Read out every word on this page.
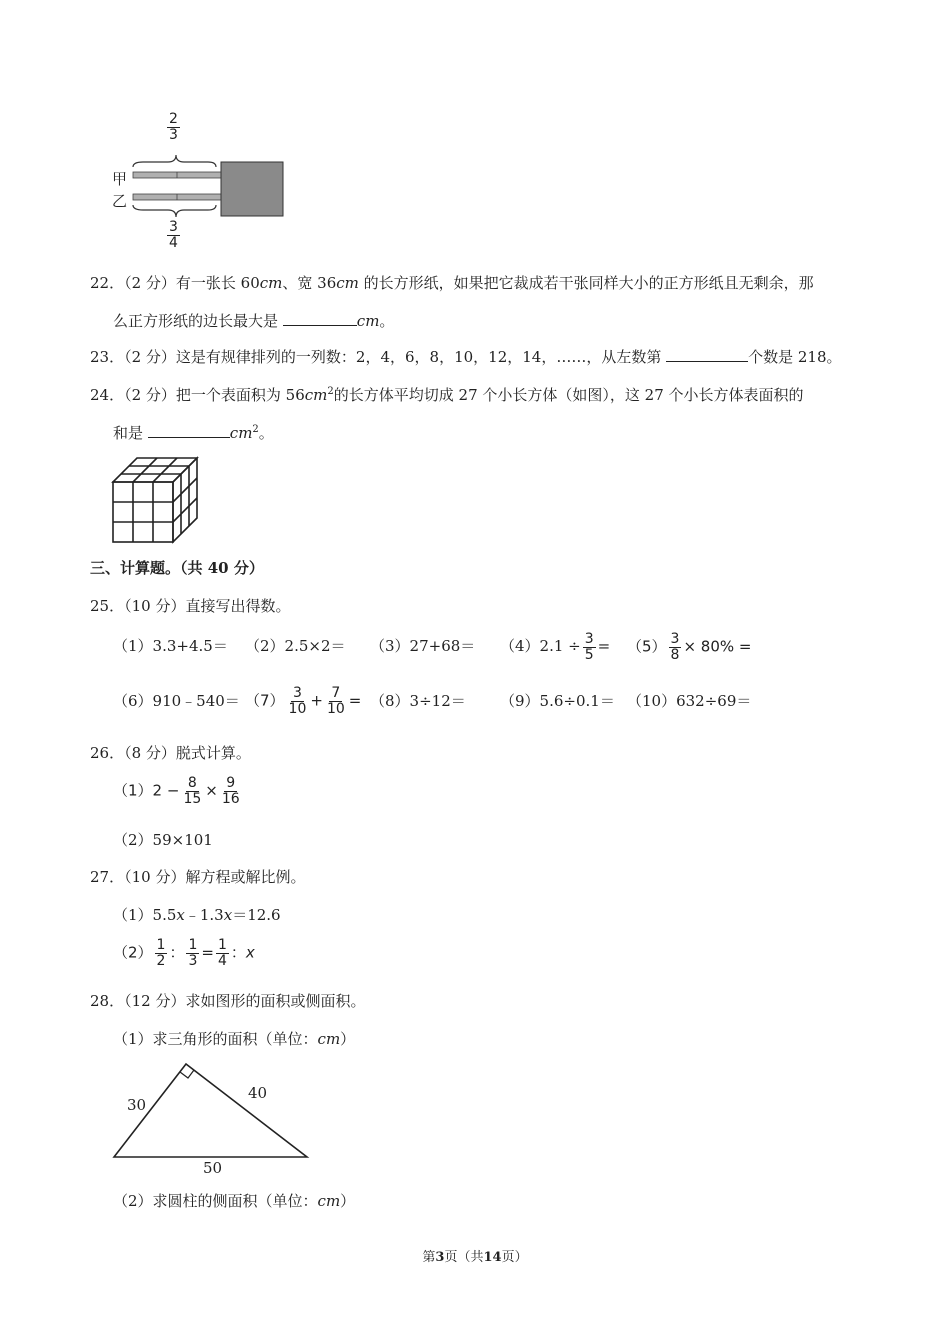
$\frac{2}{3}$
甲
乙
$\frac{3}{4}$
22．（2 分）有一张长 60cm、宽 36cm 的长方形纸，如果把它裁成若干张同样大小的正方形纸且无剩余，那
么正方形纸的边长最大是	cm。
23．（2 分）这是有规律排列的一列数：2，4，6，8，10，12，14，……，从左数第	个数是 218。
24．（2 分）把一个表面积为 $56cm^2$的长方体平均切成 27 个小长方体（如图），这 27 个小长方体表面积的
和是	$cm^2$。
三、计算题。（共 40 分）
25．（10 分）直接写出得数。
$(1)3.3+4.5= (2)2.5\times 2= (3)27+68= (4)2.1 \div \frac{3}{5} = (5) \frac{3}{8} \times 80\%$ =
（6）910﹣540＝ $(7) \frac{3}{10} + \frac{7}{10} = (8)3\div 12= (9)5.6\div 0.1= (10)632\div 69=$
26．（8 分）脱式计算。
$(1)2 - \frac{8}{15} \times \frac{9}{16}$
（2）59×101
27．（10 分）解方程或解比例。
（1）5.5x﹣1.3x＝12.6
$(2) \frac{1}{2}$ ： $\frac{1}{3} = \frac{1}{4}$ ：x
28．（12 分）求如图形的面积或侧面积。
（1）求三角形的面积（单位：cm）
30
40
50
（2）求圆柱的侧面积（单位：cm）
第3页（共14页）
